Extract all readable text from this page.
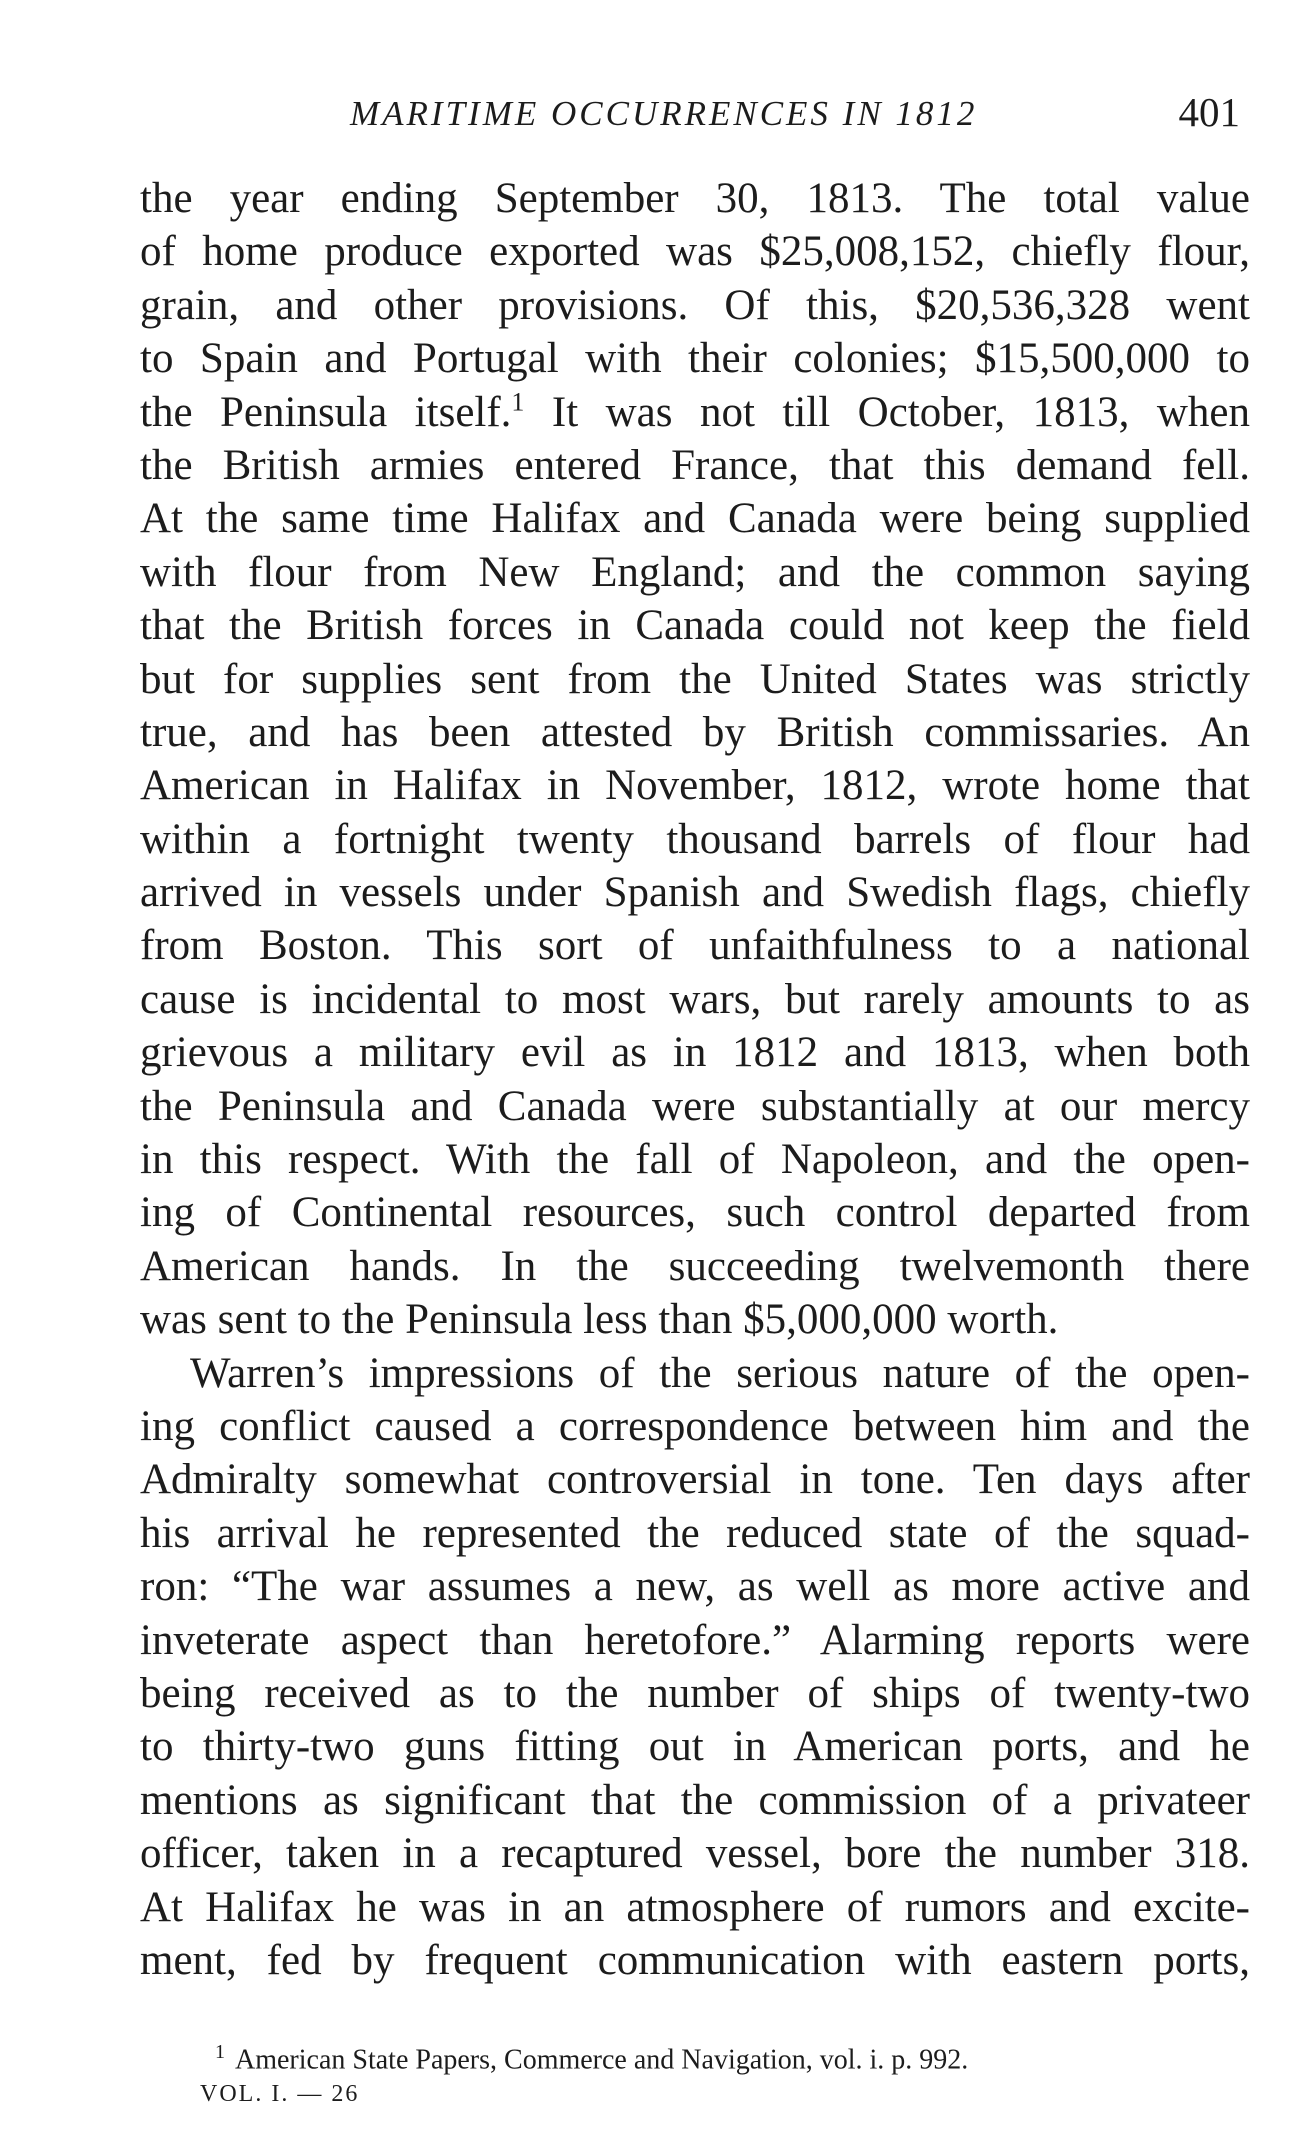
MARITIME OCCURRENCES IN 1812	401
the year ending September 30, 1813. The total value
of home produce exported was $25,008,152, chiefly flour,
grain, and other provisions. Of this, $20,536,328 went
to Spain and Portugal with their colonies; $15,500,000 to
the Peninsula itself.$^1$ It was not till October, 1813, when
the British armies entered France, that this demand fell.
At the same time Halifax and Canada were being supplied
with flour from New England; and the common saying
that the British forces in Canada could not keep the field
but for supplies sent from the United States was strictly
true, and has been attested by British commissaries. An
American in Halifax in November, 1812, wrote home that
within a fortnight twenty thousand barrels of flour had
arrived in vessels under Spanish and Swedish flags, chiefly
from Boston. This sort of unfaithfulness to a national
cause is incidental to most wars, but rarely amounts to as
grievous a military evil as in 1812 and 1813, when both
the Peninsula and Canada were substantially at our mercy
in this respect. With the fall of Napoleon, and the open-
ing of Continental resources, such control departed from
American hands. In the succeeding twelvemonth there
was sent to the Peninsula less than $5,000,000 worth.
Warren’s impressions of the serious nature of the open-
ing conflict caused a correspondence between him and the
Admiralty somewhat controversial in tone. Ten days after
his arrival he represented the reduced state of the squad-
ron: “The war assumes a new, as well as more active and
inveterate aspect than heretofore.” Alarming reports were
being received as to the number of ships of twenty-two
to thirty-two guns fitting out in American ports, and he
mentions as significant that the commission of a privateer
officer, taken in a recaptured vessel, bore the number 318.
At Halifax he was in an atmosphere of rumors and excite-
ment, fed by frequent communication with eastern ports,
$^1$ American State Papers, Commerce and Navigation, vol. i. p. 992.
VOL. I. — 26
